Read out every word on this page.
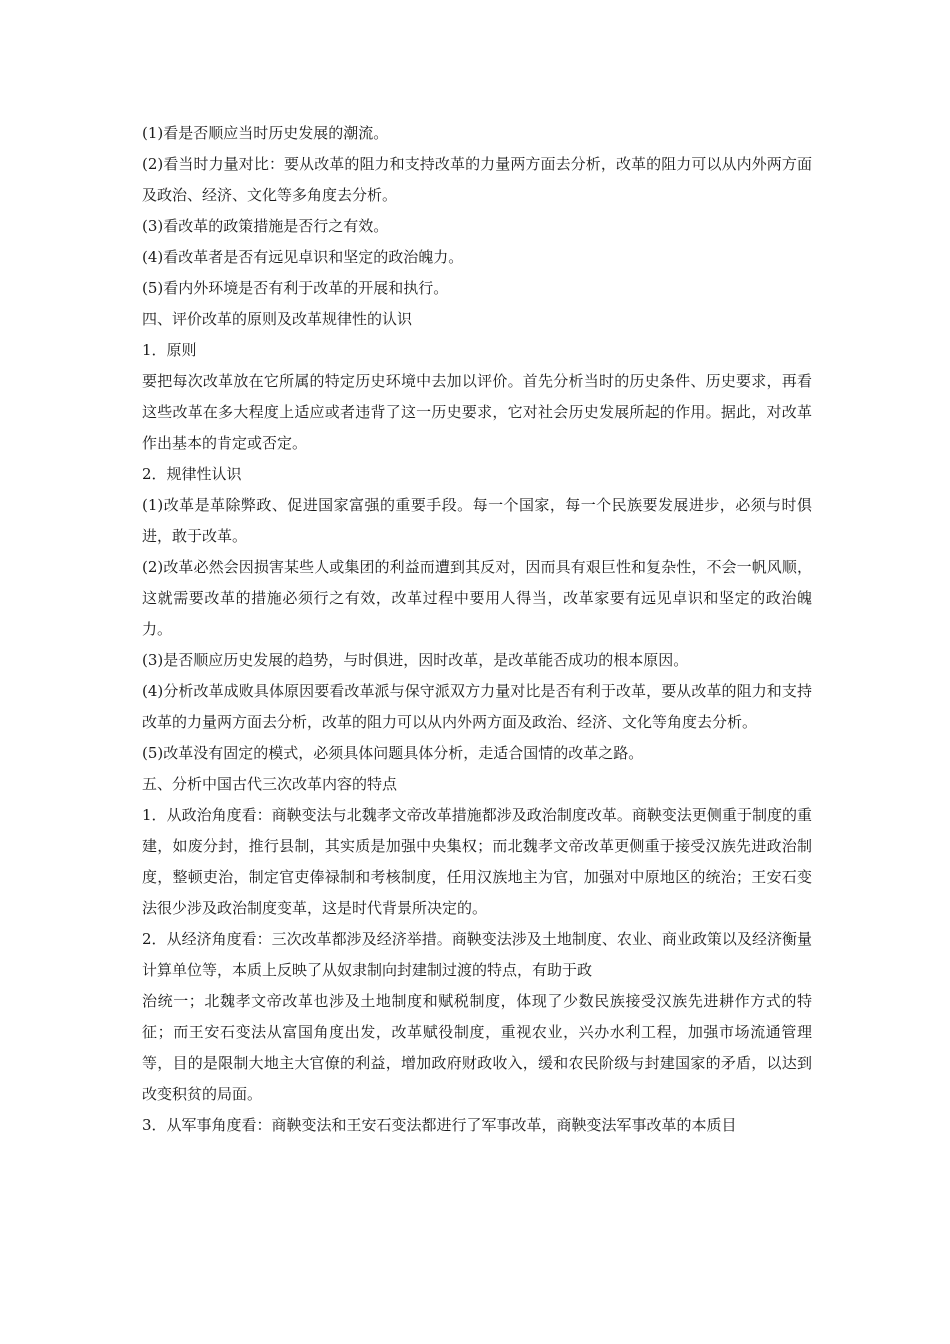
(1)看是否顺应当时历史发展的潮流。

(2)看当时力量对比：要从改革的阻力和支持改革的力量两方面去分析，改革的阻力可以从内外两方面及政治、经济、文化等多角度去分析。

(3)看改革的政策措施是否行之有效。

(4)看改革者是否有远见卓识和坚定的政治魄力。

(5)看内外环境是否有利于改革的开展和执行。

四、评价改革的原则及改革规律性的认识

1．原则

要把每次改革放在它所属的特定历史环境中去加以评价。首先分析当时的历史条件、历史要求，再看这些改革在多大程度上适应或者违背了这一历史要求，它对社会历史发展所起的作用。据此，对改革作出基本的肯定或否定。

2．规律性认识

(1)改革是革除弊政、促进国家富强的重要手段。每一个国家，每一个民族要发展进步，必须与时俱进，敢于改革。

(2)改革必然会因损害某些人或集团的利益而遭到其反对，因而具有艰巨性和复杂性，不会一帆风顺，这就需要改革的措施必须行之有效，改革过程中要用人得当，改革家要有远见卓识和坚定的政治魄力。

(3)是否顺应历史发展的趋势，与时俱进，因时改革，是改革能否成功的根本原因。

(4)分析改革成败具体原因要看改革派与保守派双方力量对比是否有利于改革，要从改革的阻力和支持改革的力量两方面去分析，改革的阻力可以从内外两方面及政治、经济、文化等角度去分析。

(5)改革没有固定的模式，必须具体问题具体分析，走适合国情的改革之路。

五、分析中国古代三次改革内容的特点

1．从政治角度看：商鞅变法与北魏孝文帝改革措施都涉及政治制度改革。商鞅变法更侧重于制度的重建，如废分封，推行县制，其实质是加强中央集权；而北魏孝文帝改革更侧重于接受汉族先进政治制度，整顿吏治，制定官吏俸禄制和考核制度，任用汉族地主为官，加强对中原地区的统治；王安石变法很少涉及政治制度变革，这是时代背景所决定的。

2．从经济角度看：三次改革都涉及经济举措。商鞅变法涉及土地制度、农业、商业政策以及经济衡量计算单位等，本质上反映了从奴隶制向封建制过渡的特点，有助于政

治统一；北魏孝文帝改革也涉及土地制度和赋税制度，体现了少数民族接受汉族先进耕作方式的特征；而王安石变法从富国角度出发，改革赋役制度，重视农业，兴办水利工程，加强市场流通管理等，目的是限制大地主大官僚的利益，增加政府财政收入，缓和农民阶级与封建国家的矛盾，以达到改变积贫的局面。

3．从军事角度看：商鞅变法和王安石变法都进行了军事改革，商鞅变法军事改革的本质目
